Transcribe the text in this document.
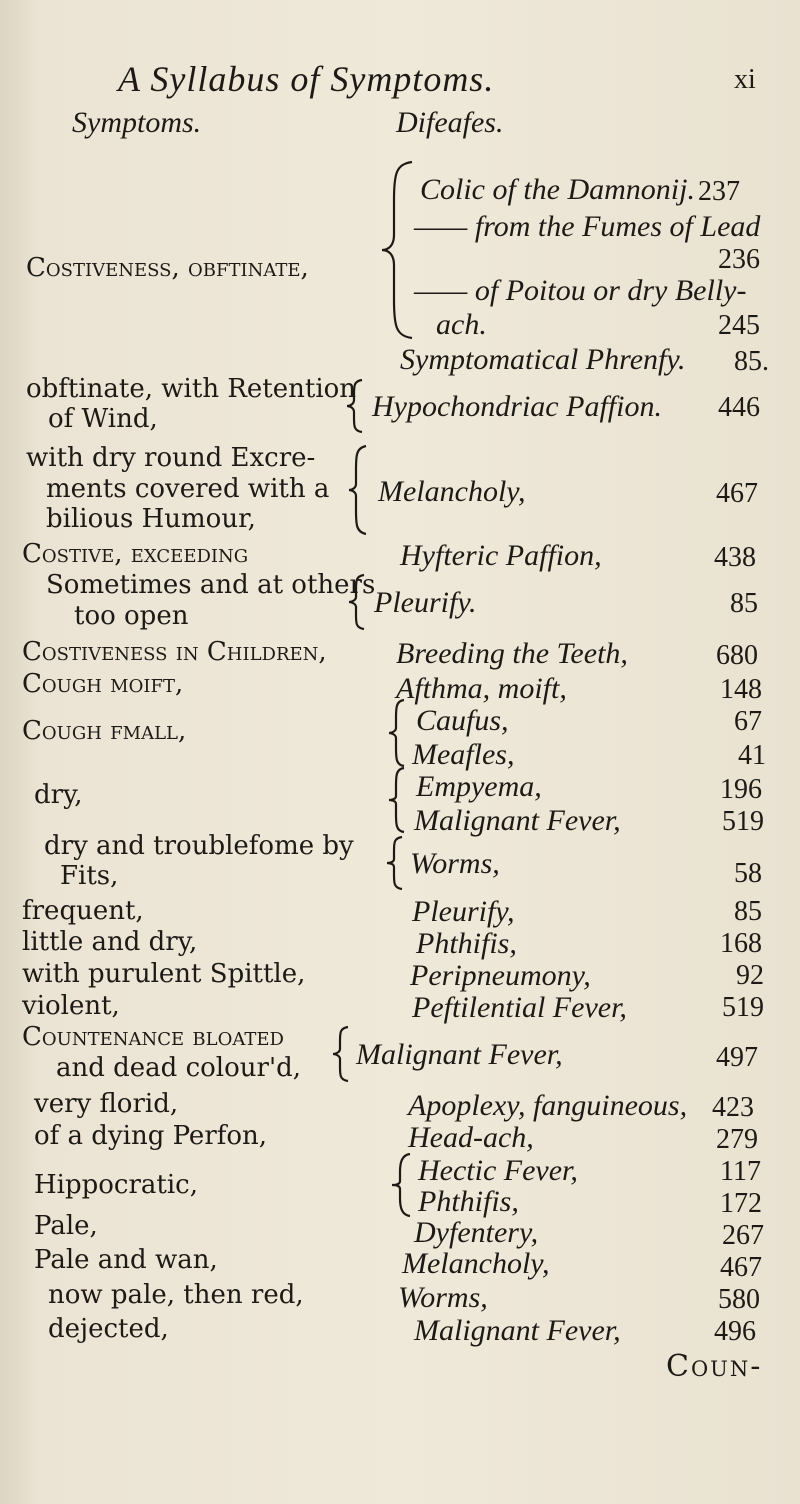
A Syllabus of Symptoms.	xi
Symptoms.	Difeafes.
Costiveness, obftinate,
obftinate, with Retention
of Wind,
with dry round Excre-
ments covered with a
bilious Humour,
Costive, exceeding
Sometimes and at others
too open
Costiveness in Children,
Cough moift,
Cough fmall,
dry,
dry and troublefome by
Fits,
frequent,
little and dry,
with purulent Spittle,
violent,
Countenance bloated
and dead colour'd,
very florid,
of a dying Perfon,
Hippocratic,
Pale,
Pale and wan,
now pale, then red,
dejected,
Colic of the Damnonij.
—— from the Fumes of Lead
—— of Poitou or dry Belly-
ach.
Symptomatical Phrenfy.
Hypochondriac Paffion.
Melancholy,
Hyfteric Paffion,
Pleurify.
Breeding the Teeth,
Afthma, moift,
Caufus,
Meafles,
Empyema,
Malignant Fever,
Worms,
Pleurify,
Phthifis,
Peripneumony,
Peftilential Fever,
Malignant Fever,
Apoplexy, fanguineous,
Head-ach,
Hectic Fever,
Phthifis,
Dyfentery,
Melancholy,
Worms,
Malignant Fever,
237
236
245
85.
446
467
438
85
680
148
67
41
196
519
58
85
168
92
519
497
423
279
117
172
267
467
580
496
Coun-
